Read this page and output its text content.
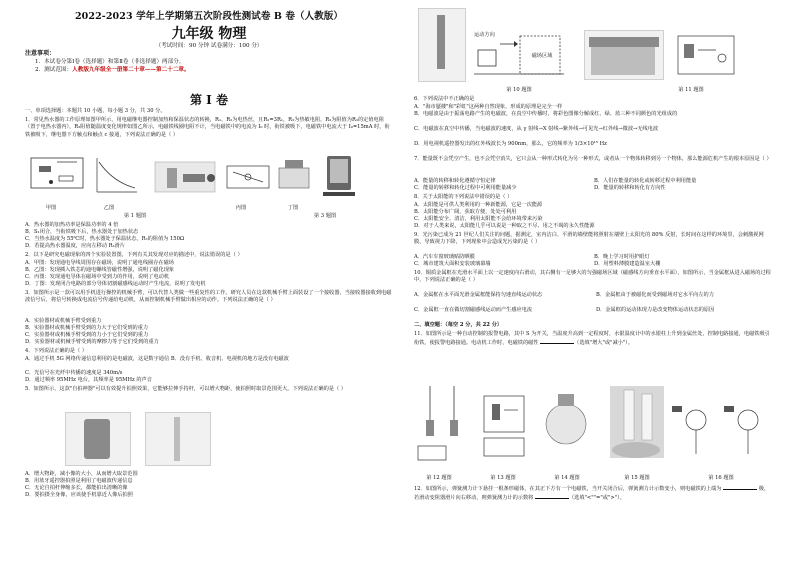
2022-2023 学年上学期第五次阶段性测试卷 B 卷（人教版）
九年级 物理
（考试时间：90 分钟 试卷满分：100 分）
注意事项：
1．本试卷分第Ⅰ卷（选择题）和第Ⅱ卷（非选择题）两部分。
2．测试范围：人教版九年级全一册第二十章——第二十二章。
第 Ⅰ 卷
一、单项选择题：本题共 10 小题，每小题 3 分，共 30 分。
1．常见热水器的工作原理如图甲所示，用电磁继电器控制加热和保温状态的转换，R₁、R₂为电热丝，且R₂=3R₁，R₃为热敏电阻，R₃为阻值为R₃的定值电阻（置于电热水器内），R₃阻值随温度变化规律如图乙所示，电磁铁线圈电阻不计，当电磁铁中的电流为 I₀ 时，衔铁被吸下，电磁铁中电流大于 I₀=15mA 时，衔铁被吸下，继电器下方触点和触点 c 接通，下列说法正确的是（ ）
甲图	乙图	丙图	丁图
第 1 题图	第 3 题图
A．热水器的加热功率是保温功率的 4 倍
B．S₁闭合，当衔铁吸下后，热水器处于加热状态
C．当热水温度为 55℃时，热水器处于保温状态，R₃的阻值为 150Ω
D．若提高热水器温度，应向左移动 R₃滑片
2．以下是研究电磁现象的四个实验装置图，下列有关其发现对应的描述中，说法错误的是（ ）
A．甲图：发现通电导线周围存在磁场，说明了通电线圈存在磁场
B．乙图：发现插入铁芯的通电螺线管磁性增强，说明了磁化现象
C．丙图：发现通电导体在磁场中受到力的作用，说明了电动机
D．丁图：发现闭合电路的部分导体切割磁感线运动时产生电流，说明了发电机
3．如图所示是一款可以用手机进行操控的机械手臂，可以代替人类做一些重复性的工作。研究人员在这款机械手臂上面装设了一个接收器，当接收器接收到电磁波信号后，将信号转换成电流信号传递给电动机，从而控制机械手臂做出相应的动作。下列说法正确的是（ ）
A．实验器材或机械手臂受到重力
B．实验器材或机械手臂受到的力大于它们受到的重力
C．实验器材或机械手臂受到的力小于它们受到的重力
D．实验器材或机械手臂受到的摩擦力等于它们受到的重力
4．下列说法正确的是（ ）
A．通过手机 5G 网络传递信息利用的是电磁波，这是数字通信 B．没有手机、收音机、电视机的地方是没有电磁波
C．光信号在光纤中传播的速度是 340m/s
D．通过频率 95MHz 电台，其频率是 95MHz 的声音
5．如图所示，这款"自拍神器"可以有效提升拍照效果，它能够拉伸手持杆，可以增大物距，使拍照时取景范围更大。下列说法正确的是（ ）
A．增大物距，减小像的大小，从而增大取景范围
B．用蓝牙遥控器拍照是利用了电磁波传递信息
C．无论自拍杆伸缩多长，都能拍出清晰的像
D．要拍摄全身像，应该使手机靠近人像后拍照
运动方向
磁场区域
第 10 题图	第 11 题图
6．下列说法中不正确的是
A．"海市蜃楼"和"彩虹"这两种自然现象，形成的原理是完全一样
B．电磁波是由于振荡电路产生的电磁波，在真空中传播时，将彩色图像分解成红、绿、蓝三种不同颜色的光组成的
C．电磁波在真空中传播，当电磁波的速度，从 γ 射线→X 射线→紫外线→可见光→红外线→微波→无线电波
D．用电视机遥控器发出的红外线波长为 900nm，那么，它的频率为 1/3×10¹⁵ Hz
7．能量既不会凭空产生，也不会凭空消失，它只会从一种形式转化为另一种形式，或者从一个物体转移到另一个物体，那么能源危机产生的根本原因是（ ）
A．能量的转移和转化遵循守恒定律	B．人们在能量的转化或转移过程中利用能量
C．能量的转移和转化过程中可利用能量减少	D．能量的转移和转化有方向性
8．关于太阳能的下列说法中错误的是（ ）
A．太阳能是可供人类利用的一种新能源，它是一次能源
B．太阳能分布广阔，获取方便，处处可利用
C．太阳能安全、清洁，利用太阳能不会给环境带来污染
D．对于人类来说，太阳能几乎可以说是一种取之不尽、用之不竭的永久性能源
9．光污染已成为 21 世纪人们关注的问题，据测定，室内洁白、平滑的墙壁能将照射在墙壁上太阳光的 80% 反射，长时间在这样的环境里，会刺激视网膜，导致视力下降，下列现象中会造成光污染的是（ ）
A．汽车车窗玻璃贴防晒膜	B．晚上学习时用护眼灯
C．城市建筑大面积安装玻璃幕墙	D．用塑料薄膜建造温室大棚
10．铜质金属框在光滑水平面上以一定速度向右滑动，其右侧有一足够大的匀强磁场区域（磁感线方向垂直水平面），如图所示，当金属框从进入磁场的过程中，下列说法正确的是（ ）
A．金属框在水平面光滑金属框能保持匀速直线运动状态	B．金属框由于被磁化而受到磁场对它水平向左的力
C．金属框一直在做切割磁感线运动而产生感应电流	D．金属框的运动体现力是改变物体运动状态的原因
二、填空题：（每空 2 分，共 22 分）
11．如图所示是一种自动控制的报警电路，其中 S 为开关，当温度升高到一定程度时，水银温度计中的水银柱上升到金属丝处，控制电路接通，电磁铁吸引衔铁，使报警电路接通。电动机工作时，电磁铁的磁性	（选填"增大"或"减小"）。
第 12 题图	第 13 题图	第 14 题图	第 15 题图	第 16 题图
12．如图所示，弹簧测力计下悬挂一根条形磁体，在其正下方有一个电磁铁，当开关闭合后，弹簧测力计示数变小，则电磁铁的上端为	极，若滑动变阻器滑片向右移动，则弹簧测力计的示数将	（选填"<""="或">"）。
